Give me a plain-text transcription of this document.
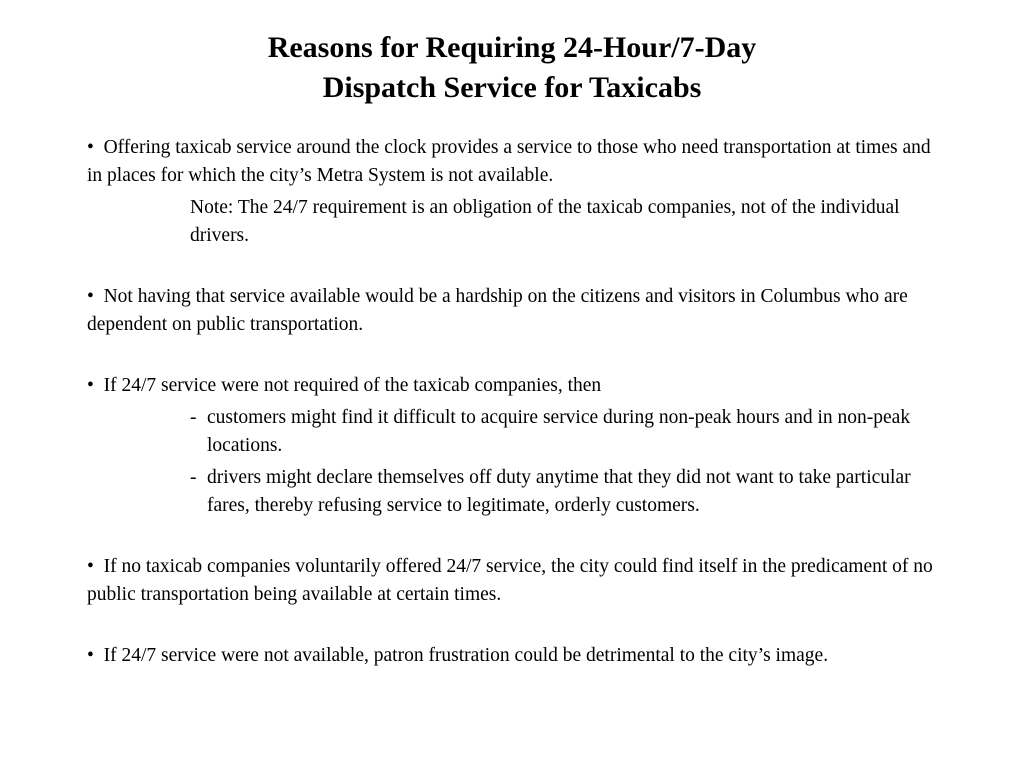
Reasons for Requiring 24-Hour/7-Day
Dispatch Service for Taxicabs

• Offering taxicab service around the clock provides a service to those who need transportation at times and in places for which the city’s Metra System is not available.

Note: The 24/7 requirement is an obligation of the taxicab companies, not of the individual drivers.

• Not having that service available would be a hardship on the citizens and visitors in Columbus who are dependent on public transportation.

• If 24/7 service were not required of the taxicab companies, then

- customers might find it difficult to acquire service during non-peak hours and in non-peak locations.
- drivers might declare themselves off duty anytime that they did not want to take particular fares, thereby refusing service to legitimate, orderly customers.

• If no taxicab companies voluntarily offered 24/7 service, the city could find itself in the predicament of no public transportation being available at certain times.

• If 24/7 service were not available, patron frustration could be detrimental to the city’s image.
